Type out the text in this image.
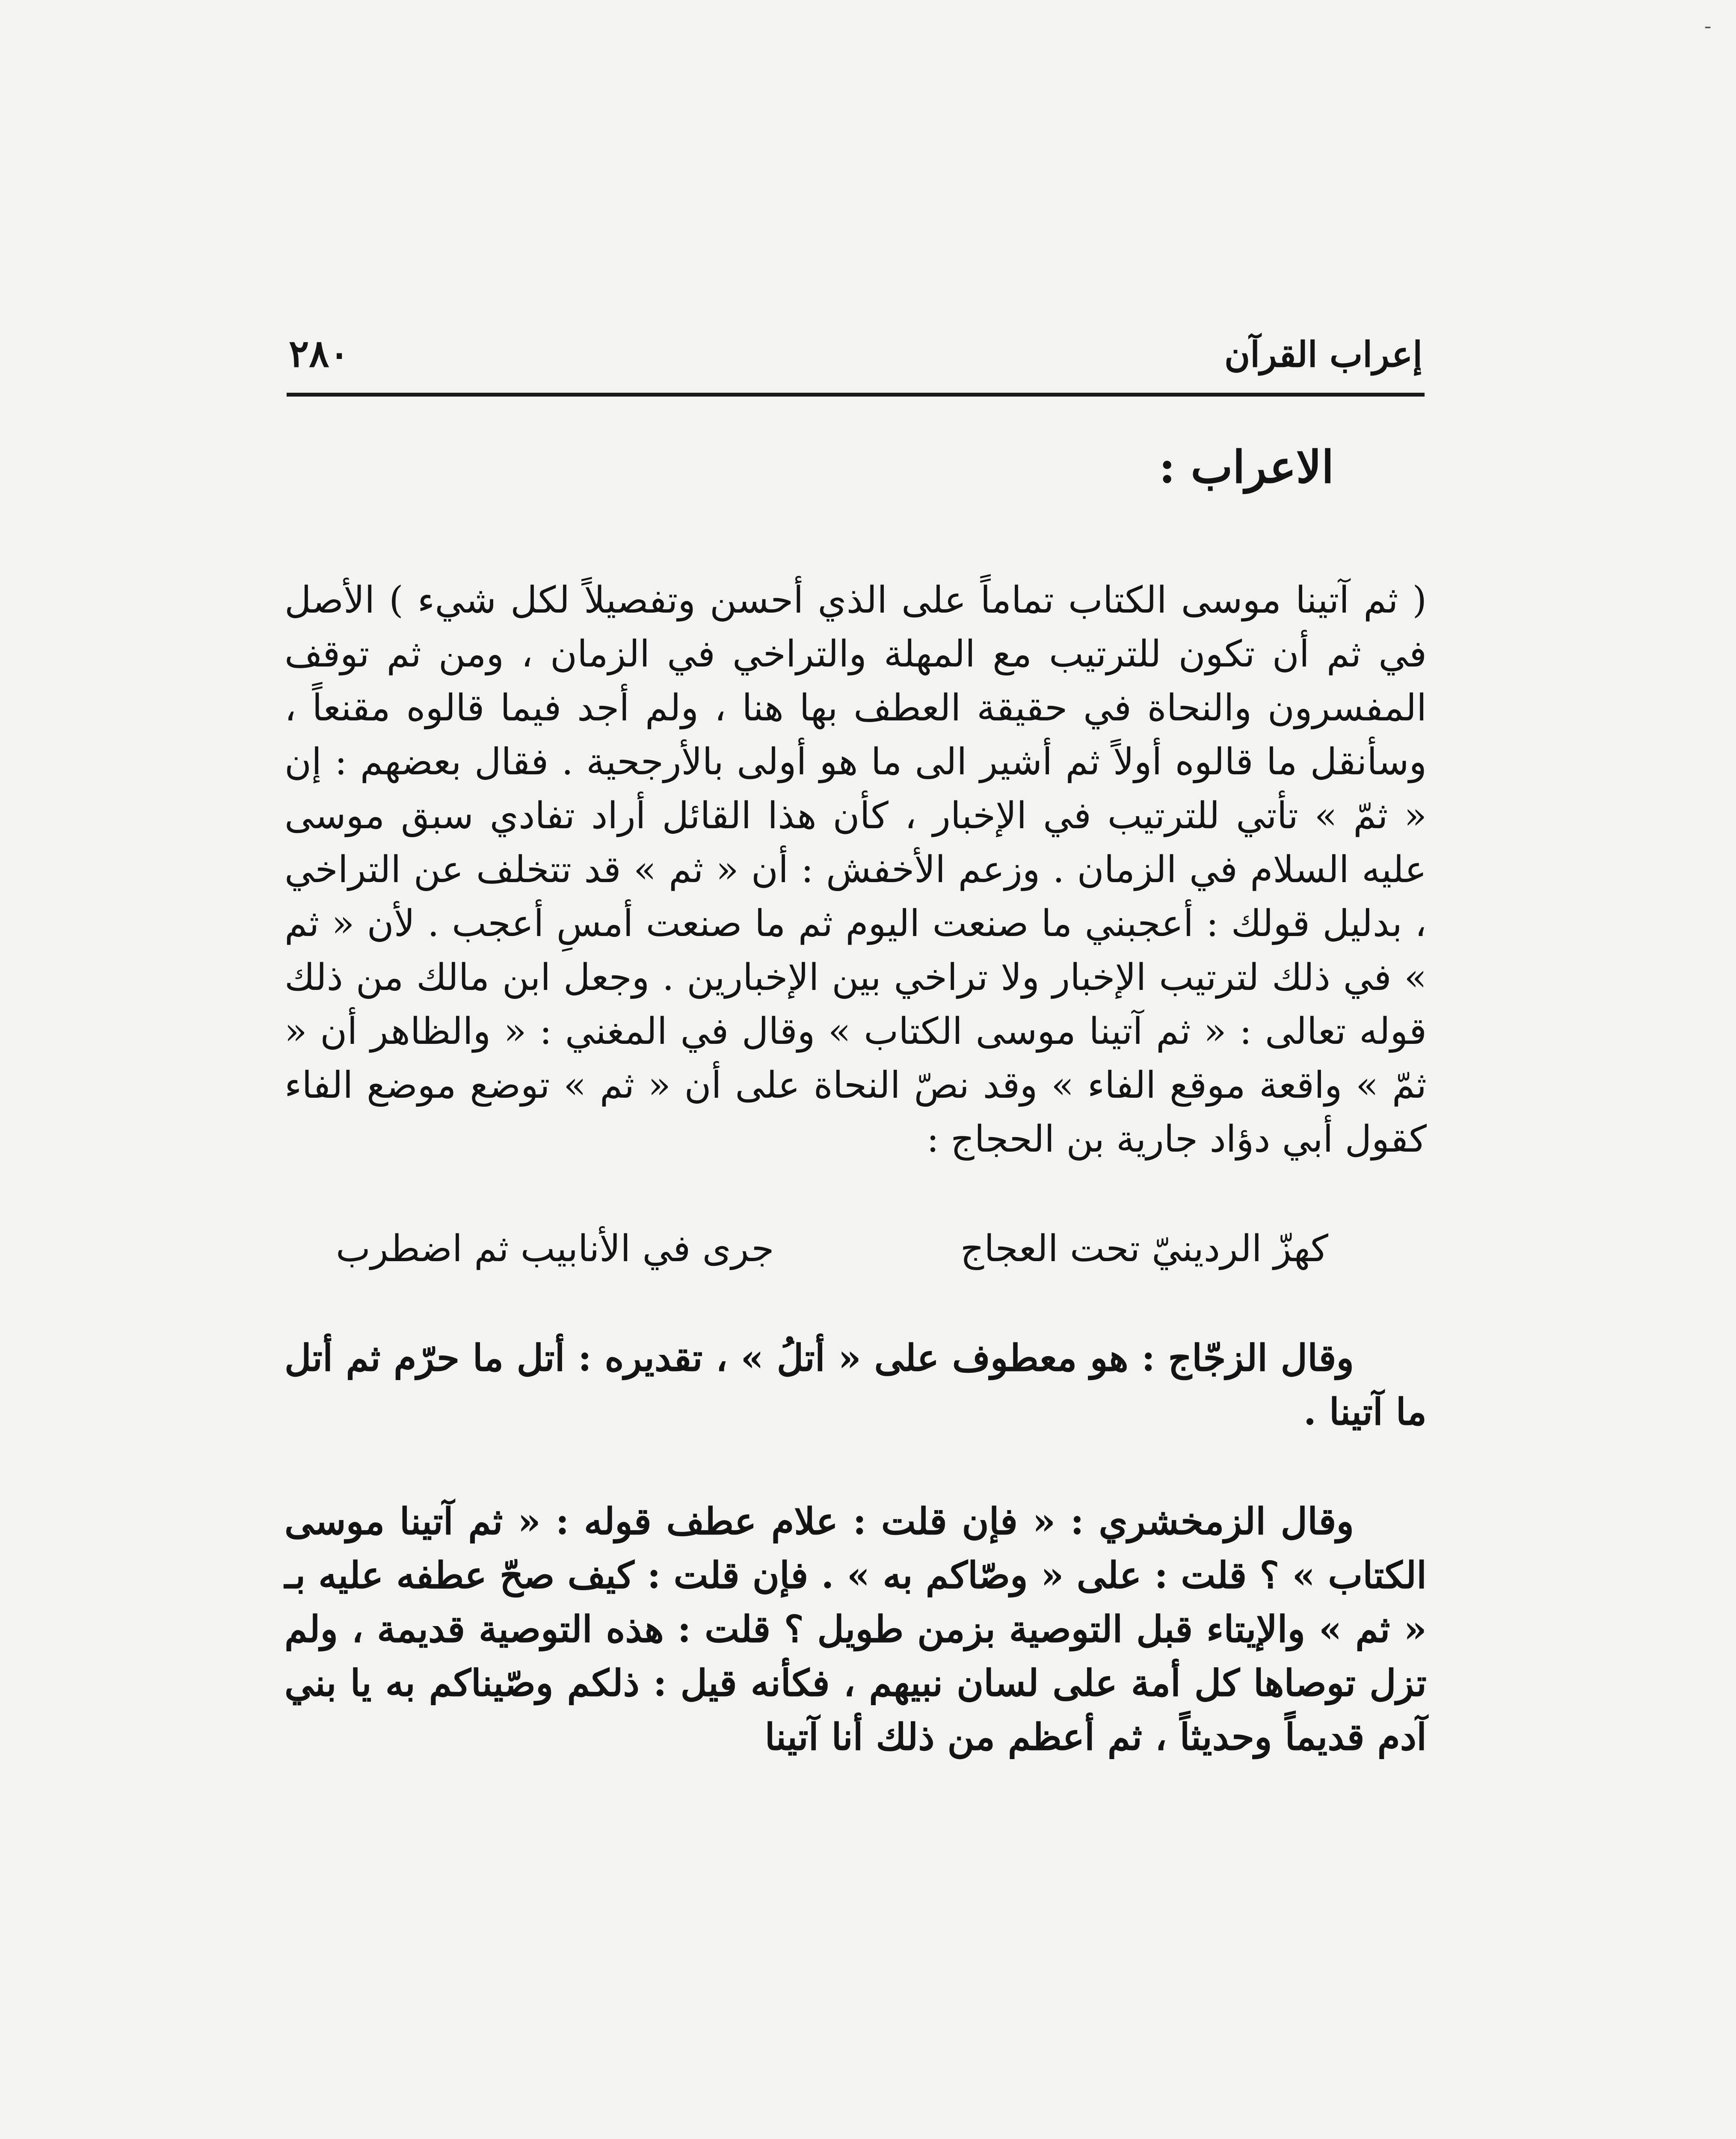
ـ
إعراب القرآن
٢٨٠
الاعراب :

( ثم آتينا موسى الكتاب تماماً على الذي أحسن وتفصيلاً لكل شيء ) الأصل في ثم أن تكون للترتيب مع المهلة والتراخي في الزمان ، ومن ثم توقف المفسرون والنحاة في حقيقة العطف بها هنا ، ولم أجد فيما قالوه مقنعاً ، وسأنقل ما قالوه أولاً ثم أشير الى ما هو أولى بالأرجحية . فقال بعضهم : إن « ثمّ » تأتي للترتيب في الإخبار ، كأن هذا القائل أراد تفادي سبق موسى عليه السلام في الزمان . وزعم الأخفش : أن « ثم » قد تتخلف عن التراخي ، بدليل قولك : أعجبني ما صنعت اليوم ثم ما صنعت أمسِ أعجب . لأن « ثم » في ذلك لترتيب الإخبار ولا تراخي بين الإخبارين . وجعل ابن مالك من ذلك قوله تعالى : « ثم آتينا موسى الكتاب » وقال في المغني : « والظاهر أن « ثمّ » واقعة موقع الفاء » وقد نصّ النحاة على أن « ثم » توضع موضع الفاء كقول أبي دؤاد جارية بن الحجاج :

كهزّ الردينيّ تحت العجاج
جرى في الأنابيب ثم اضطرب

وقال الزجّاج : هو معطوف على « أتلُ » ، تقديره : أتل ما حرّم ثم أتل ما آتينا .

وقال الزمخشري : « فإن قلت : علام عطف قوله : « ثم آتينا موسى الكتاب » ؟ قلت : على « وصّاكم به » . فإن قلت : كيف صحّ عطفه عليه بـ « ثم » والإيتاء قبل التوصية بزمن طويل ؟ قلت : هذه التوصية قديمة ، ولم تزل توصاها كل أمة على لسان نبيهم ، فكأنه قيل : ذلكم وصّيناكم به يا بني آدم قديماً وحديثاً ، ثم أعظم من ذلك أنا آتينا
